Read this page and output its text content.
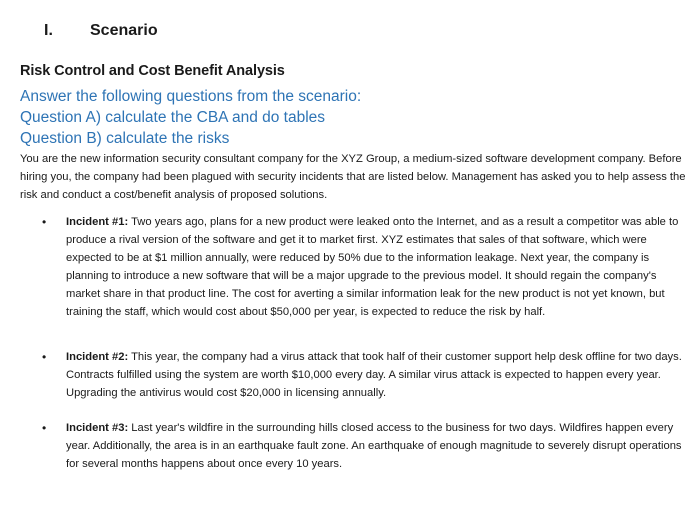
I.	Scenario
Risk Control and Cost Benefit Analysis
Answer the following questions from the scenario:
Question A) calculate the CBA and do tables
Question B) calculate the risks
You are the new information security consultant company for the XYZ Group, a medium-sized software development company. Before hiring you, the company had been plagued with security incidents that are listed below. Management has asked you to help assess the risk and conduct a cost/benefit analysis of proposed solutions.
• Incident #1: Two years ago, plans for a new product were leaked onto the Internet, and as a result a competitor was able to produce a rival version of the software and get it to market first. XYZ estimates that sales of that software, which were expected to be at $1 million annually, were reduced by 50% due to the information leakage. Next year, the company is planning to introduce a new software that will be a major upgrade to the previous model. It should regain the company's market share in that product line. The cost for averting a similar information leak for the new product is not yet known, but training the staff, which would cost about $50,000 per year, is expected to reduce the risk by half.
• Incident #2: This year, the company had a virus attack that took half of their customer support help desk offline for two days. Contracts fulfilled using the system are worth $10,000 every day. A similar virus attack is expected to happen every year. Upgrading the antivirus would cost $20,000 in licensing annually.
• Incident #3: Last year's wildfire in the surrounding hills closed access to the business for two days. Wildfires happen every year. Additionally, the area is in an earthquake fault zone. An earthquake of enough magnitude to severely disrupt operations for several months happens about once every 10 years.
